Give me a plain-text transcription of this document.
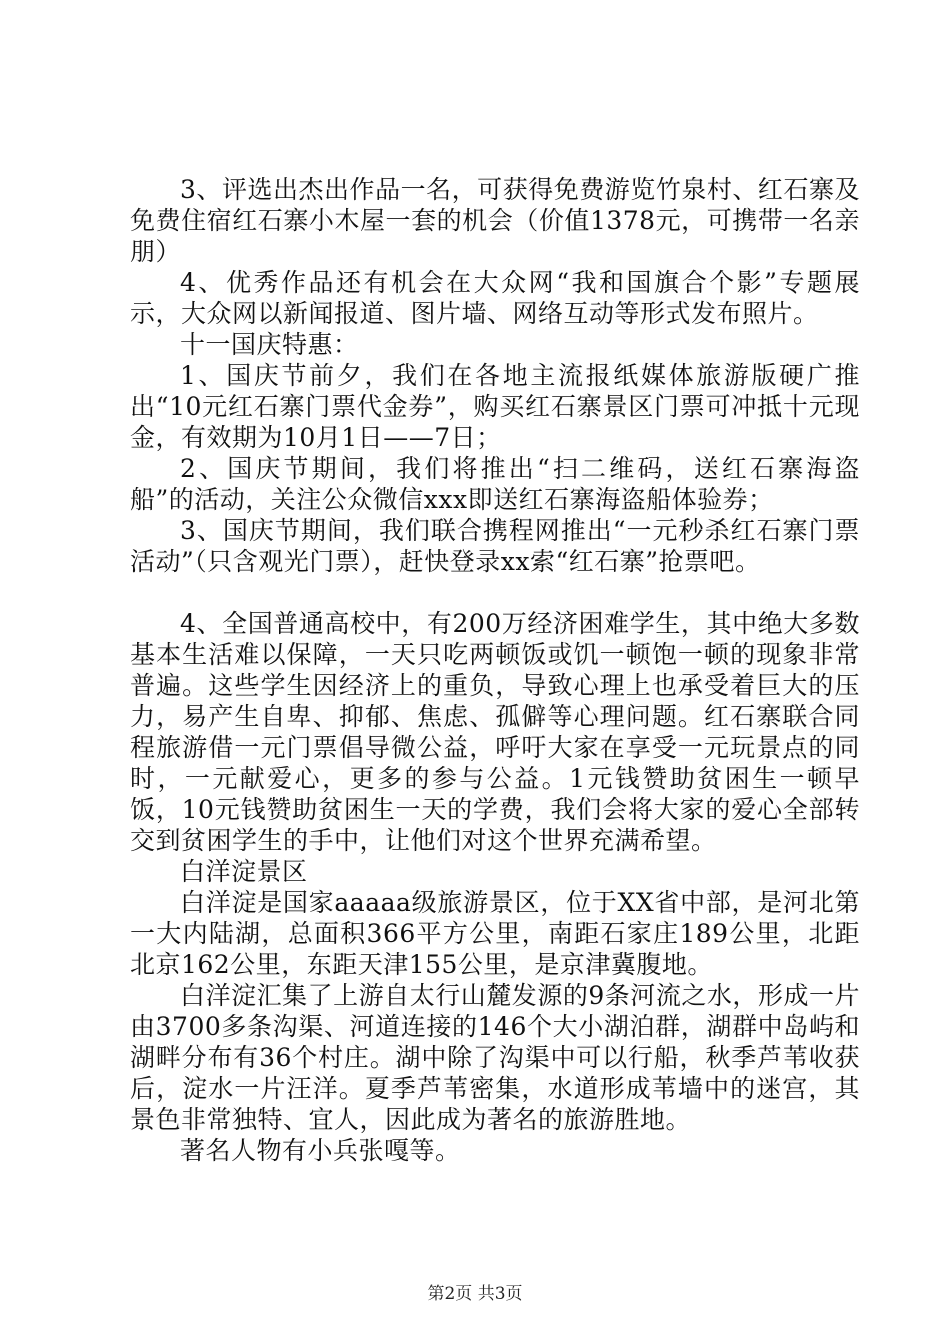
3、评选出杰出作品一名，可获得免费游览竹泉村、红石寨及免费住宿红石寨小木屋一套的机会（价值1378元，可携带一名亲朋）

4、优秀作品还有机会在大众网“我和国旗合个影”专题展示，大众网以新闻报道、图片墙、网络互动等形式发布照片。

十一国庆特惠：

1、国庆节前夕，我们在各地主流报纸媒体旅游版硬广推出“10元红石寨门票代金券”，购买红石寨景区门票可冲抵十元现金，有效期为10月1日——7日；

2、国庆节期间，我们将推出“扫二维码，送红石寨海盗船”的活动，关注公众微信xxx即送红石寨海盗船体验券；

3、国庆节期间，我们联合携程网推出“一元秒杀红石寨门票活动”（只含观光门票），赶快登录xx索“红石寨”抢票吧。

4、全国普通高校中，有200万经济困难学生，其中绝大多数基本生活难以保障，一天只吃两顿饭或饥一顿饱一顿的现象非常普遍。这些学生因经济上的重负，导致心理上也承受着巨大的压力，易产生自卑、抑郁、焦虑、孤僻等心理问题。红石寨联合同程旅游借一元门票倡导微公益，呼吁大家在享受一元玩景点的同时，一元献爱心，更多的参与公益。1元钱赞助贫困生一顿早饭，10元钱赞助贫困生一天的学费，我们会将大家的爱心全部转交到贫困学生的手中，让他们对这个世界充满希望。

白洋淀景区

白洋淀是国家aaaaa级旅游景区，位于XX省中部，是河北第一大内陆湖，总面积366平方公里，南距石家庄189公里，北距北京162公里，东距天津155公里，是京津冀腹地。

白洋淀汇集了上游自太行山麓发源的9条河流之水，形成一片由3700多条沟渠、河道连接的146个大小湖泊群，湖群中岛屿和湖畔分布有36个村庄。湖中除了沟渠中可以行船，秋季芦苇收获后，淀水一片汪洋。夏季芦苇密集，水道形成苇墙中的迷宫，其景色非常独特、宜人，因此成为著名的旅游胜地。

著名人物有小兵张嘎等。

第2页 共3页
